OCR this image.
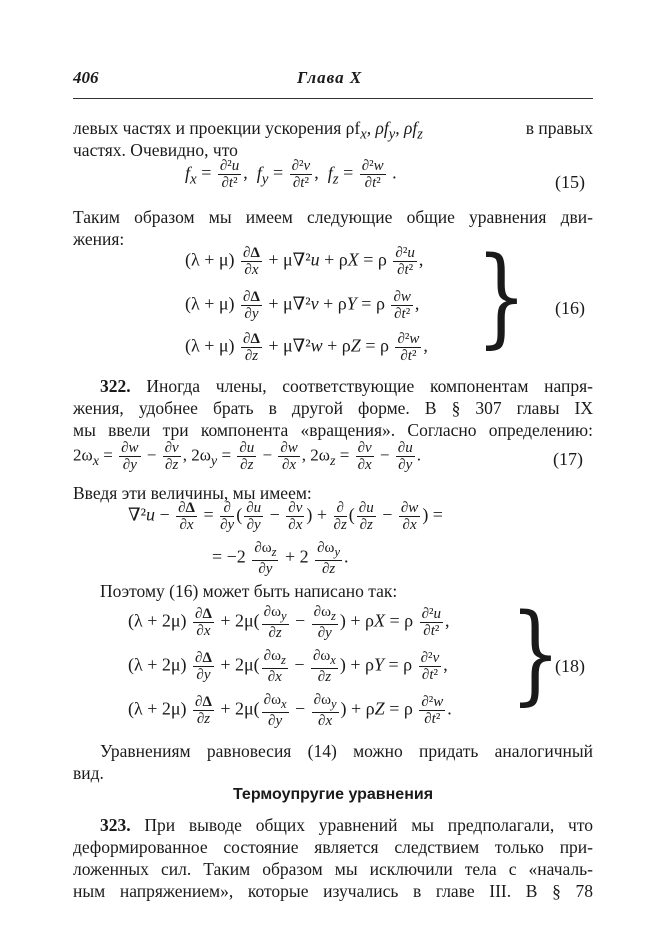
406	Глава X
левых частях и проекции ускорения $\rho f_x$, $\rho f_y$, $\rho f_z$	в правых
частях. Очевидно, что
$f_x = \frac{\text{∂²u}}{\text{∂t²}}$ ,  $f_y = \frac{\text{∂²v}}{\text{∂t²}}$ ,  $f_z = \frac{\text{∂²w}}{\text{∂t²}}$ .	(15)
Таким образом мы имеем следующие общие уравнения дви-
жения:
$(\lambda + \mu) \frac{\partial\Delta}{\partial x} + \mu\nabla^2u + \rho X = \rho \frac{\text{∂²u}}{\text{∂t²}}$ ,
$(\lambda + \mu) \frac{\partial\Delta}{\partial y} + \mu\nabla^2v + \rho Y = \rho \frac{\partial w}{\text{∂t²}}$ ,
$(\lambda + \mu) \frac{\partial\Delta}{\partial z} + \mu\nabla^2w + \rho Z = \rho \frac{\text{∂²w}}{\text{∂t²}}$ , } (16)
322. Иногда члены, соответствующие компонентам напря-
жения, удобнее брать в другой форме. В § 307 главы IX
мы ввели три компонента «вращения». Согласно определению:
$2\omega_x = \frac{\partial w}{\partial y} - \frac{\partial v}{\partial z}$ , $2\omega_y = \frac{\partial u}{\partial z} - \frac{\partial w}{\partial x}$ , $2\omega_z = \frac{\partial v}{\partial x} - \frac{\partial u}{\partial y}$ .	(17)
Введя эти величины, мы имеем:
$\nabla^2u - \frac{\partial\Delta}{\partial x} = \frac{\partial}{\partial y}$ ( $\frac{\partial u}{\partial y} - \frac{\partial v}{\partial x}$ ) + $\frac{\partial}{\partial z}$ ( $\frac{\partial u}{\partial z} - \frac{\partial w}{\partial x}$ ) =
= $-2 \frac{\partial\omega_z}{\partial y} + 2 \frac{\partial\omega_y}{\partial z}$ .
Поэтому (16) может быть написано так:
$(\lambda + 2\mu) \frac{\partial\Delta}{\partial x} + 2\mu( \frac{\partial\omega_y}{\partial z} - \frac{\partial\omega_z}{\partial y}$ ) + ρX = ρ $\frac{\text{∂²u}}{\text{∂t²}}$ ,
$(\lambda + 2\mu) \frac{\partial\Delta}{\partial y} + 2\mu( \frac{\partial\omega_z}{\partial x} - \frac{\partial\omega_x}{\partial z}$ ) + ρY = ρ $\frac{\text{∂²v}}{\text{∂t²}}$ ,
$(\lambda + 2\mu) \frac{\partial\Delta}{\partial z} + 2\mu( \frac{\partial\omega_x}{\partial y} - \frac{\partial\omega_y}{\partial x}$ ) + ρZ = ρ $\frac{\text{∂²w}}{\text{∂t²}}$ . }
(18)
Уравнениям равновесия (14) можно придать аналогичный
вид.
Термоупругие уравнения
323. При выводе общих уравнений мы предполагали, что
деформированное состояние является следствием только при-
ложенных сил. Таким образом мы исключили тела с «началь-
ным напряжением», которые изучались в главе III. В § 78
